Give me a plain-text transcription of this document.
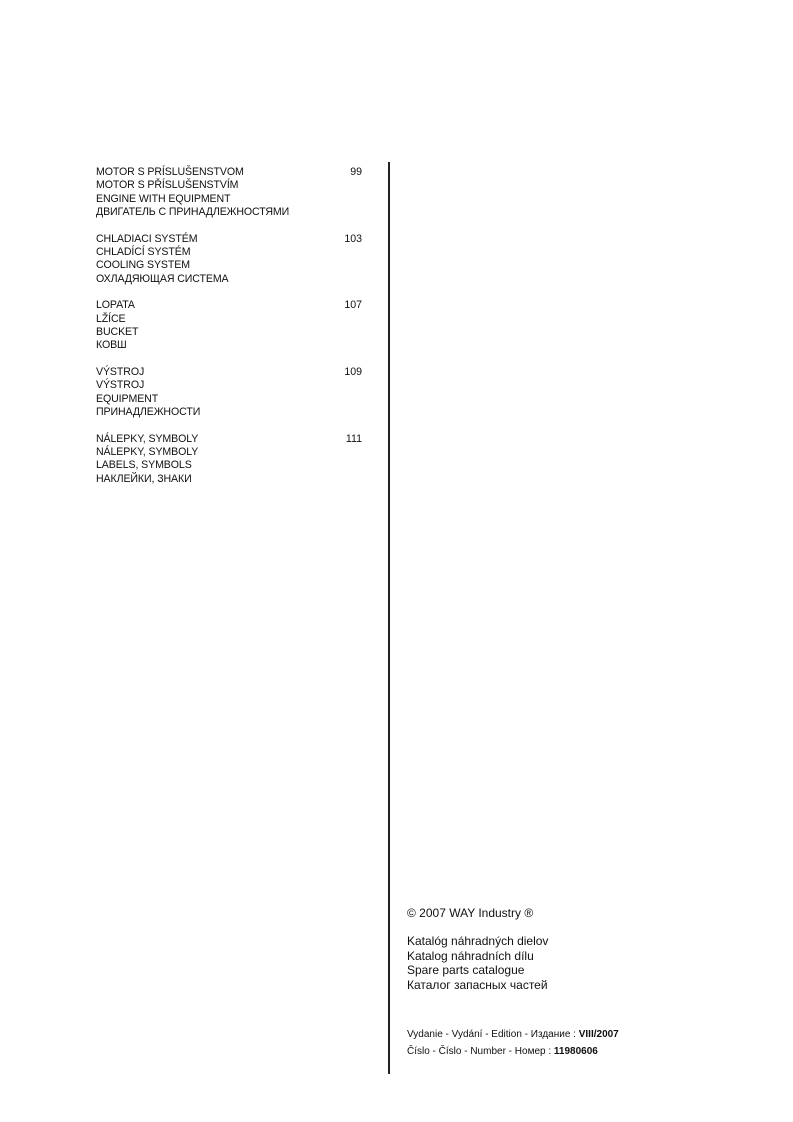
MOTOR S PRÍSLUŠENSTVOM
MOTOR S PŘÍSLUŠENSTVÍM
ENGINE WITH EQUIPMENT
ДВИГАТЕЛЬ С ПРИНАДЛЕЖНОСТЯМИ
99
CHLADIACI SYSTÉM
CHLADÍCÍ SYSTÉM
COOLING SYSTEM
ОХЛАДЯЮЩАЯ СИСТЕМА
103
LOPATA
LŽÍCE
BUCKET
КОВШ
107
VÝSTROJ
VÝSTROJ
EQUIPMENT
ПРИНАДЛЕЖНОСТИ
109
NÁLEPKY, SYMBOLY
NÁLEPKY, SYMBOLY
LABELS, SYMBOLS
НАКЛЕЙКИ, ЗНАКИ
111
© 2007 WAY Industry ®
Katalóg náhradných dielov
Katalog náhradních dílu
Spare parts catalogue
Каталог запасных частей
Vydanie - Vydání - Edition - Издание : VIII/2007
Číslo - Číslo - Number - Номер : 11980606
